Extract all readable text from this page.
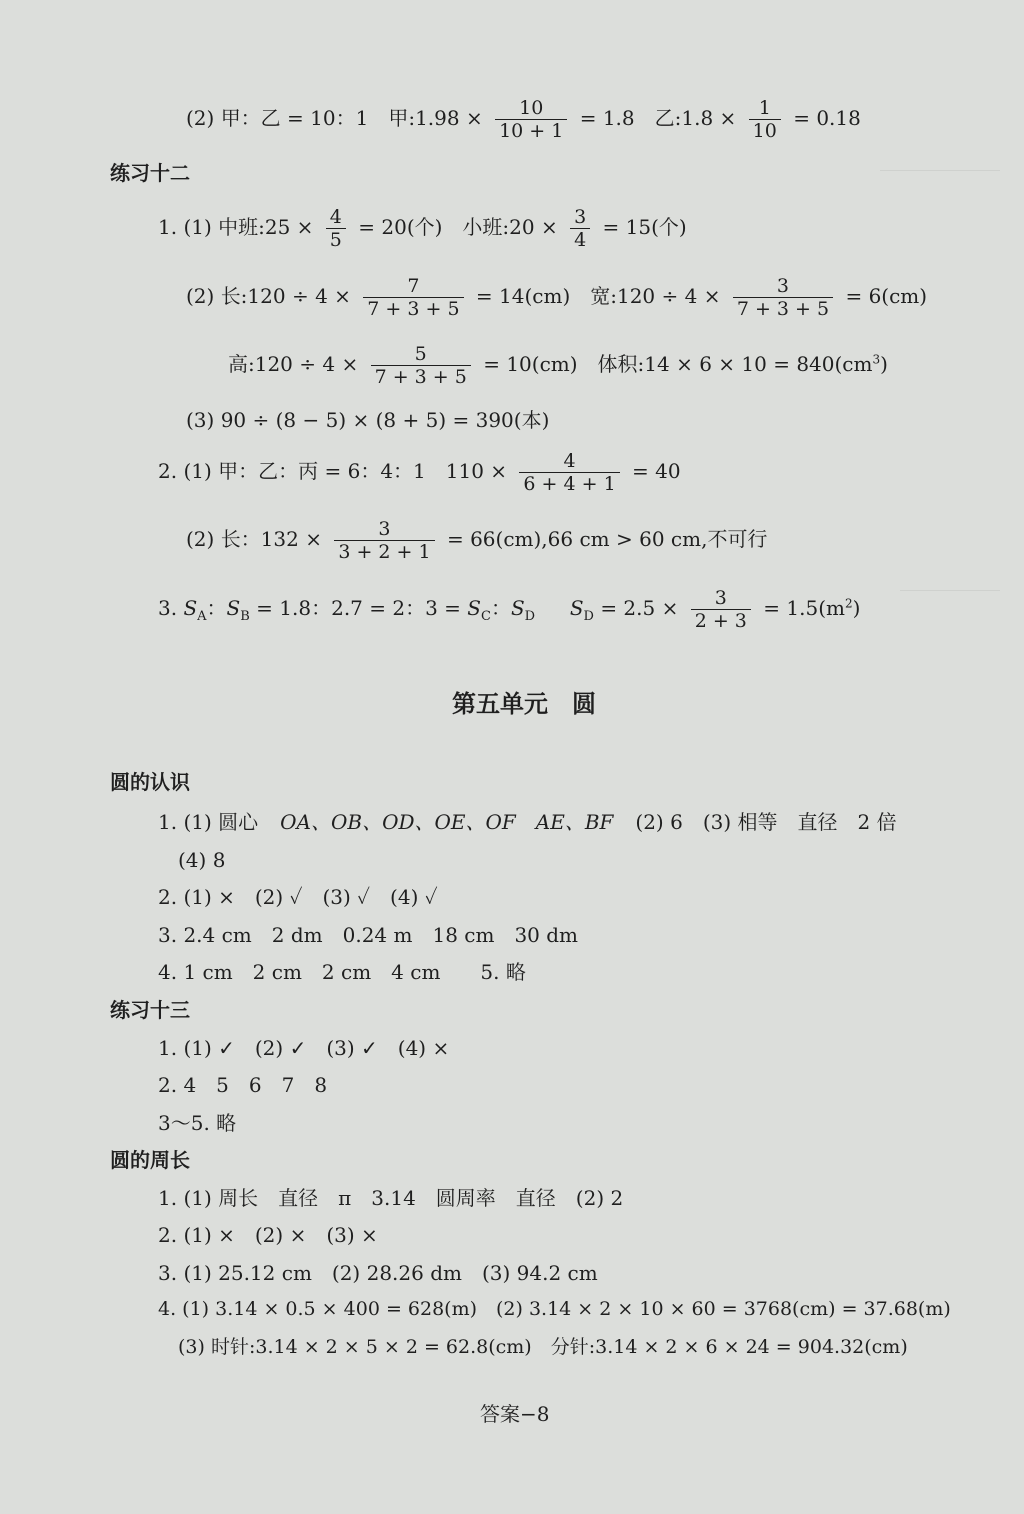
(2) 甲：乙 = 10：1　甲:1.98 × $\frac{10}{10 + 1} = 1.8$　乙:1.8 × $\frac{1}{10} = 0.18$
练习十二
1. (1) 中班:25 × $\frac{4}{5} = 20$(个)　小班:20 × $\frac{3}{4} = 15$(个)
(2) 长:120 ÷ $4 \times \frac{7}{7 + 3 + 5} = 14(cm)$　宽:120 ÷ $4 \times \frac{3}{7 + 3 + 5} = 6(cm)$
高:120 ÷ $4 \times \frac{5}{7 + 3 + 5} = 10(cm)$　体积:14 × $6 \times 10 = 840(cm^3)$
(3) 90 ÷ (8 − 5) × (8 + 5) = 390(本)
2. (1) 甲：乙：丙 = 6：4：1　$110 \times \frac{4}{6 + 4 + 1} = 40$
(2) 长：$132 \times \frac{3}{3 + 2 + 1} = 66(cm),66$ cm > 60 cm,不可行
3. $S_A$：$S_B = 1.8$：2.7 = 2：$3 = S_C$：$S_D$ $S_D = 2.5 \times \frac{3}{2 + 3} = 1.5(m^2)$
第五单元　圆
圆的认识
1. (1) 圆心 OA、OB、OD、OE、OF　AE、BF (2) 6　(3) 相等　直径　2 倍
(4) 8
2. (1) ×　(2) ✓　(3) ✓　(4) ✓
3. 2.4 cm　2 dm　0.24 m　18 cm　30 dm
4. 1 cm　2 cm　2 cm　4 cm　　5. 略
练习十三
1. (1) ✓　(2) ✓　(3) ✓　(4) ×
2. 4　5　6　7　8
3～5. 略
圆的周长
1. (1) 周长　直径　π　3.14　圆周率　直径　(2) 2
2. (1) ×　(2) ×　(3) ×
3. (1) 25.12 cm　(2) 28.26 dm　(3) 94.2 cm
4. (1) 3.14 × 0.5 × 400 = 628(m)　(2) 3.14 × 2 × 10 × 60 = 3768(cm) = 37.68(m)
(3) 时针:3.14 × 2 × 5 × 2 = 62.8(cm)　分针:3.14 × 2 × 6 × 24 = 904.32(cm)
答案−8
